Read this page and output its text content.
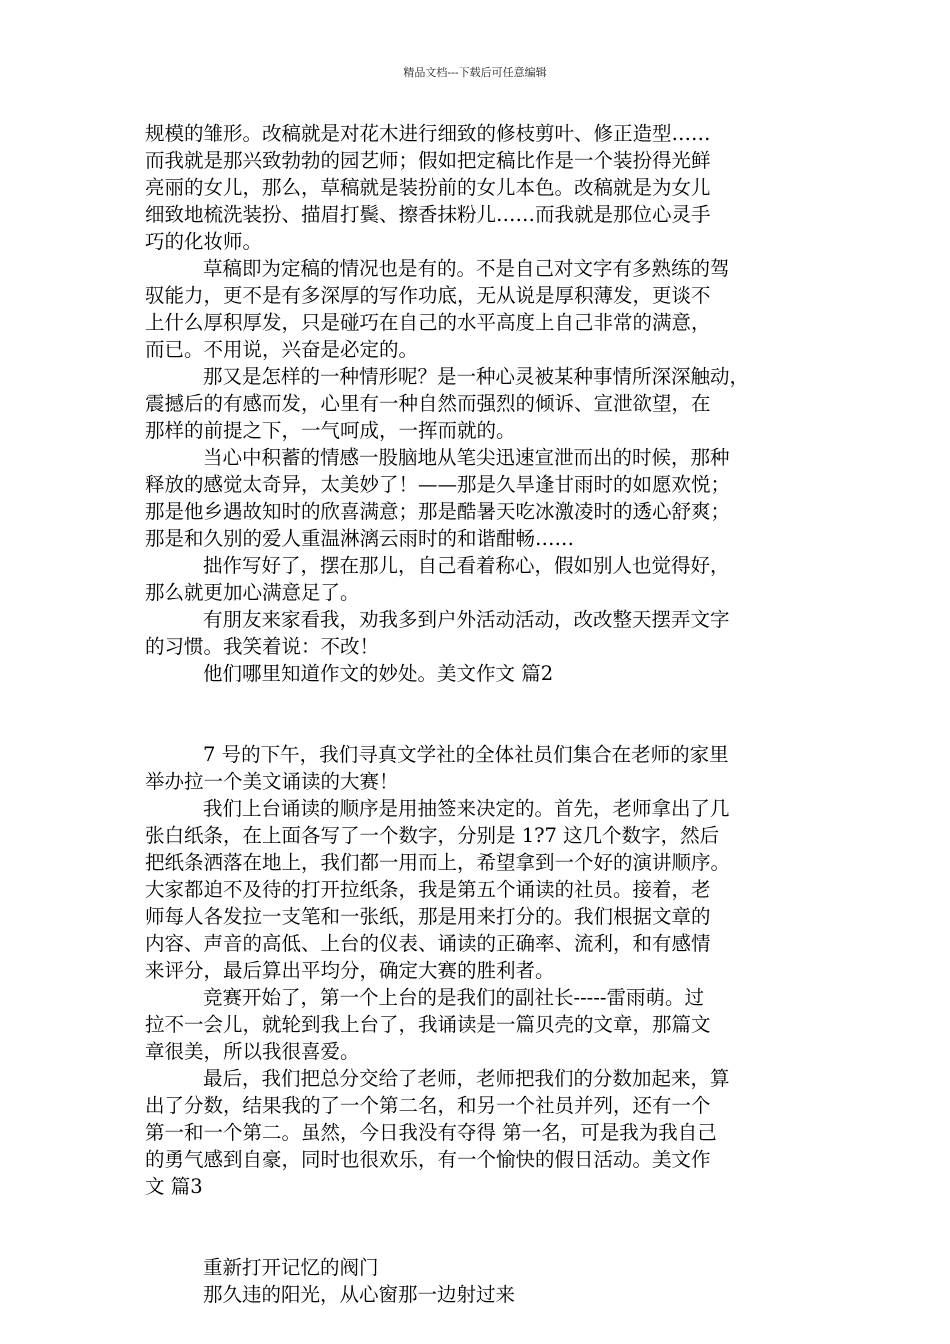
精品文档---下载后可任意编辑
规模的雏形。改稿就是对花木进行细致的修枝剪叶、修正造型……
而我就是那兴致勃勃的园艺师；假如把定稿比作是一个装扮得光鲜
亮丽的女儿，那么，草稿就是装扮前的女儿本色。改稿就是为女儿
细致地梳洗装扮、描眉打鬓、擦香抹粉儿……而我就是那位心灵手
巧的化妆师。
草稿即为定稿的情况也是有的。不是自己对文字有多熟练的驾
驭能力，更不是有多深厚的写作功底，无从说是厚积薄发，更谈不
上什么厚积厚发，只是碰巧在自己的水平高度上自己非常的满意，
而已。不用说，兴奋是必定的。
那又是怎样的一种情形呢？是一种心灵被某种事情所深深触动，
震撼后的有感而发，心里有一种自然而强烈的倾诉、宣泄欲望，在
那样的前提之下，一气呵成，一挥而就的。
当心中积蓄的情感一股脑地从笔尖迅速宣泄而出的时候，那种
释放的感觉太奇异，太美妙了！——那是久旱逢甘雨时的如愿欢悦；
那是他乡遇故知时的欣喜满意；那是酷暑天吃冰激凌时的透心舒爽；
那是和久别的爱人重温淋漓云雨时的和谐酣畅……
拙作写好了，摆在那儿，自己看着称心，假如别人也觉得好，
那么就更加心满意足了。
有朋友来家看我，劝我多到户外活动活动，改改整天摆弄文字
的习惯。我笑着说：不改！
他们哪里知道作文的妙处。美文作文 篇2
7 号的下午，我们寻真文学社的全体社员们集合在老师的家里
举办拉一个美文诵读的大赛！
我们上台诵读的顺序是用抽签来决定的。首先，老师拿出了几
张白纸条，在上面各写了一个数字，分别是 1?7 这几个数字，然后
把纸条洒落在地上，我们都一用而上，希望拿到一个好的演讲顺序。
大家都迫不及待的打开拉纸条，我是第五个诵读的社员。接着，老
师每人各发拉一支笔和一张纸，那是用来打分的。我们根据文章的
内容、声音的高低、上台的仪表、诵读的正确率、流利，和有感情
来评分，最后算出平均分，确定大赛的胜利者。
竞赛开始了，第一个上台的是我们的副社长-----雷雨萌。过
拉不一会儿，就轮到我上台了，我诵读是一篇贝壳的文章，那篇文
章很美，所以我很喜爱。
最后，我们把总分交给了老师，老师把我们的分数加起来，算
出了分数，结果我的了一个第二名，和另一个社员并列，还有一个
第一和一个第二。虽然，今日我没有夺得 第一名，可是我为我自己
的勇气感到自豪，同时也很欢乐，有一个愉快的假日活动。美文作
文 篇3
重新打开记忆的阀门
那久违的阳光，从心窗那一边射过来
